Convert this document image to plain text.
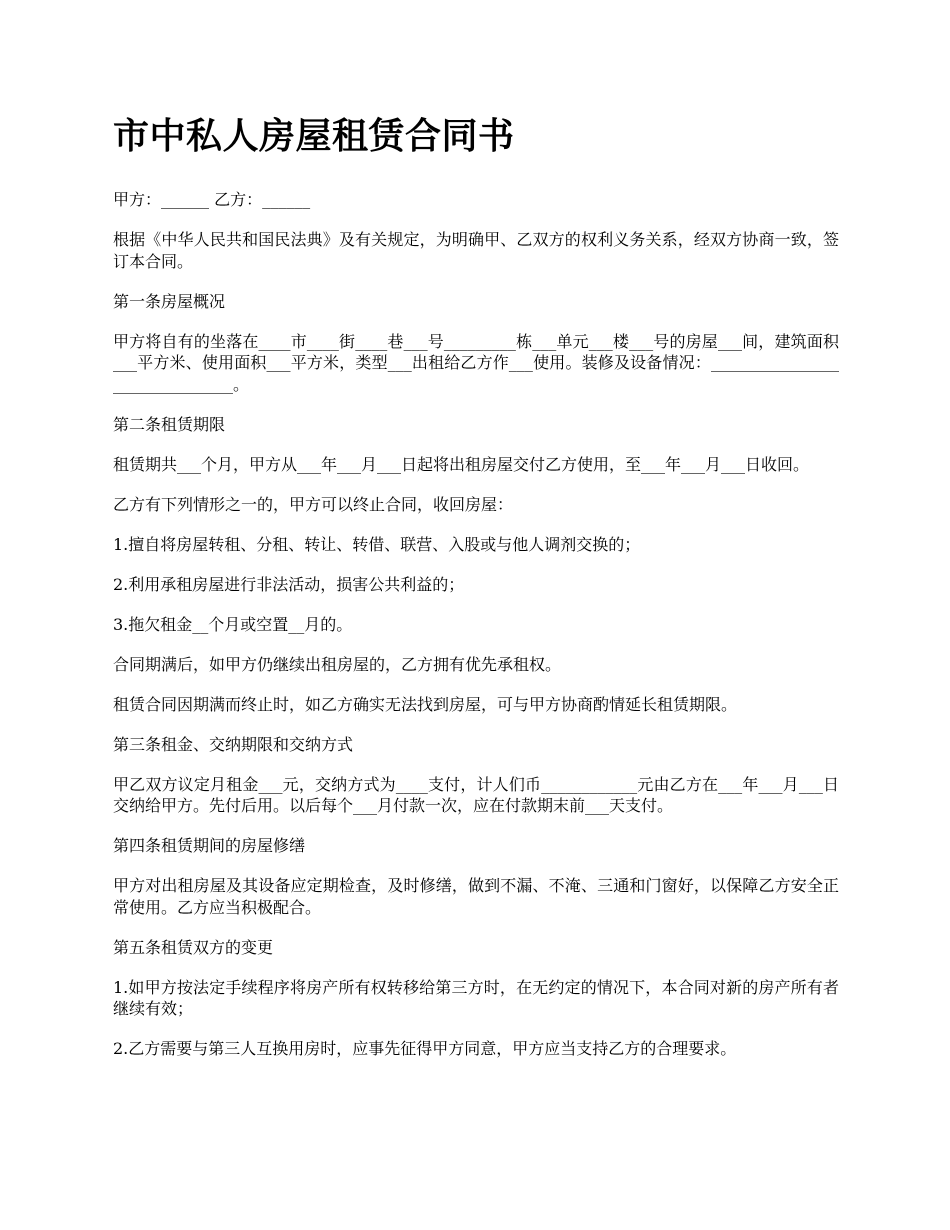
市中私人房屋租赁合同书

甲方：______ 乙方：______

根据《中华人民共和国民法典》及有关规定，为明确甲、乙双方的权利义务关系，经双方协商一致，签订本合同。

第一条房屋概况

甲方将自有的坐落在____市____街____巷___号_________栋___单元___楼___号的房屋___间，建筑面积___平方米、使用面积___平方米，类型___出租给乙方作___使用。装修及设备情况：_______________________________。

第二条租赁期限

租赁期共___个月，甲方从___年___月___日起将出租房屋交付乙方使用，至___年___月___日收回。

乙方有下列情形之一的，甲方可以终止合同，收回房屋：

1.擅自将房屋转租、分租、转让、转借、联营、入股或与他人调剂交换的；

2.利用承租房屋进行非法活动，损害公共利益的；

3.拖欠租金__个月或空置__月的。

合同期满后，如甲方仍继续出租房屋的，乙方拥有优先承租权。

租赁合同因期满而终止时，如乙方确实无法找到房屋，可与甲方协商酌情延长租赁期限。

第三条租金、交纳期限和交纳方式

甲乙双方议定月租金___元，交纳方式为____支付，计人们币____________元由乙方在___年___月___日交纳给甲方。先付后用。以后每个___月付款一次，应在付款期末前___天支付。

第四条租赁期间的房屋修缮

甲方对出租房屋及其设备应定期检查，及时修缮，做到不漏、不淹、三通和门窗好，以保障乙方安全正常使用。乙方应当积极配合。

第五条租赁双方的变更

1.如甲方按法定手续程序将房产所有权转移给第三方时，在无约定的情况下，本合同对新的房产所有者继续有效；

2.乙方需要与第三人互换用房时，应事先征得甲方同意，甲方应当支持乙方的合理要求。
